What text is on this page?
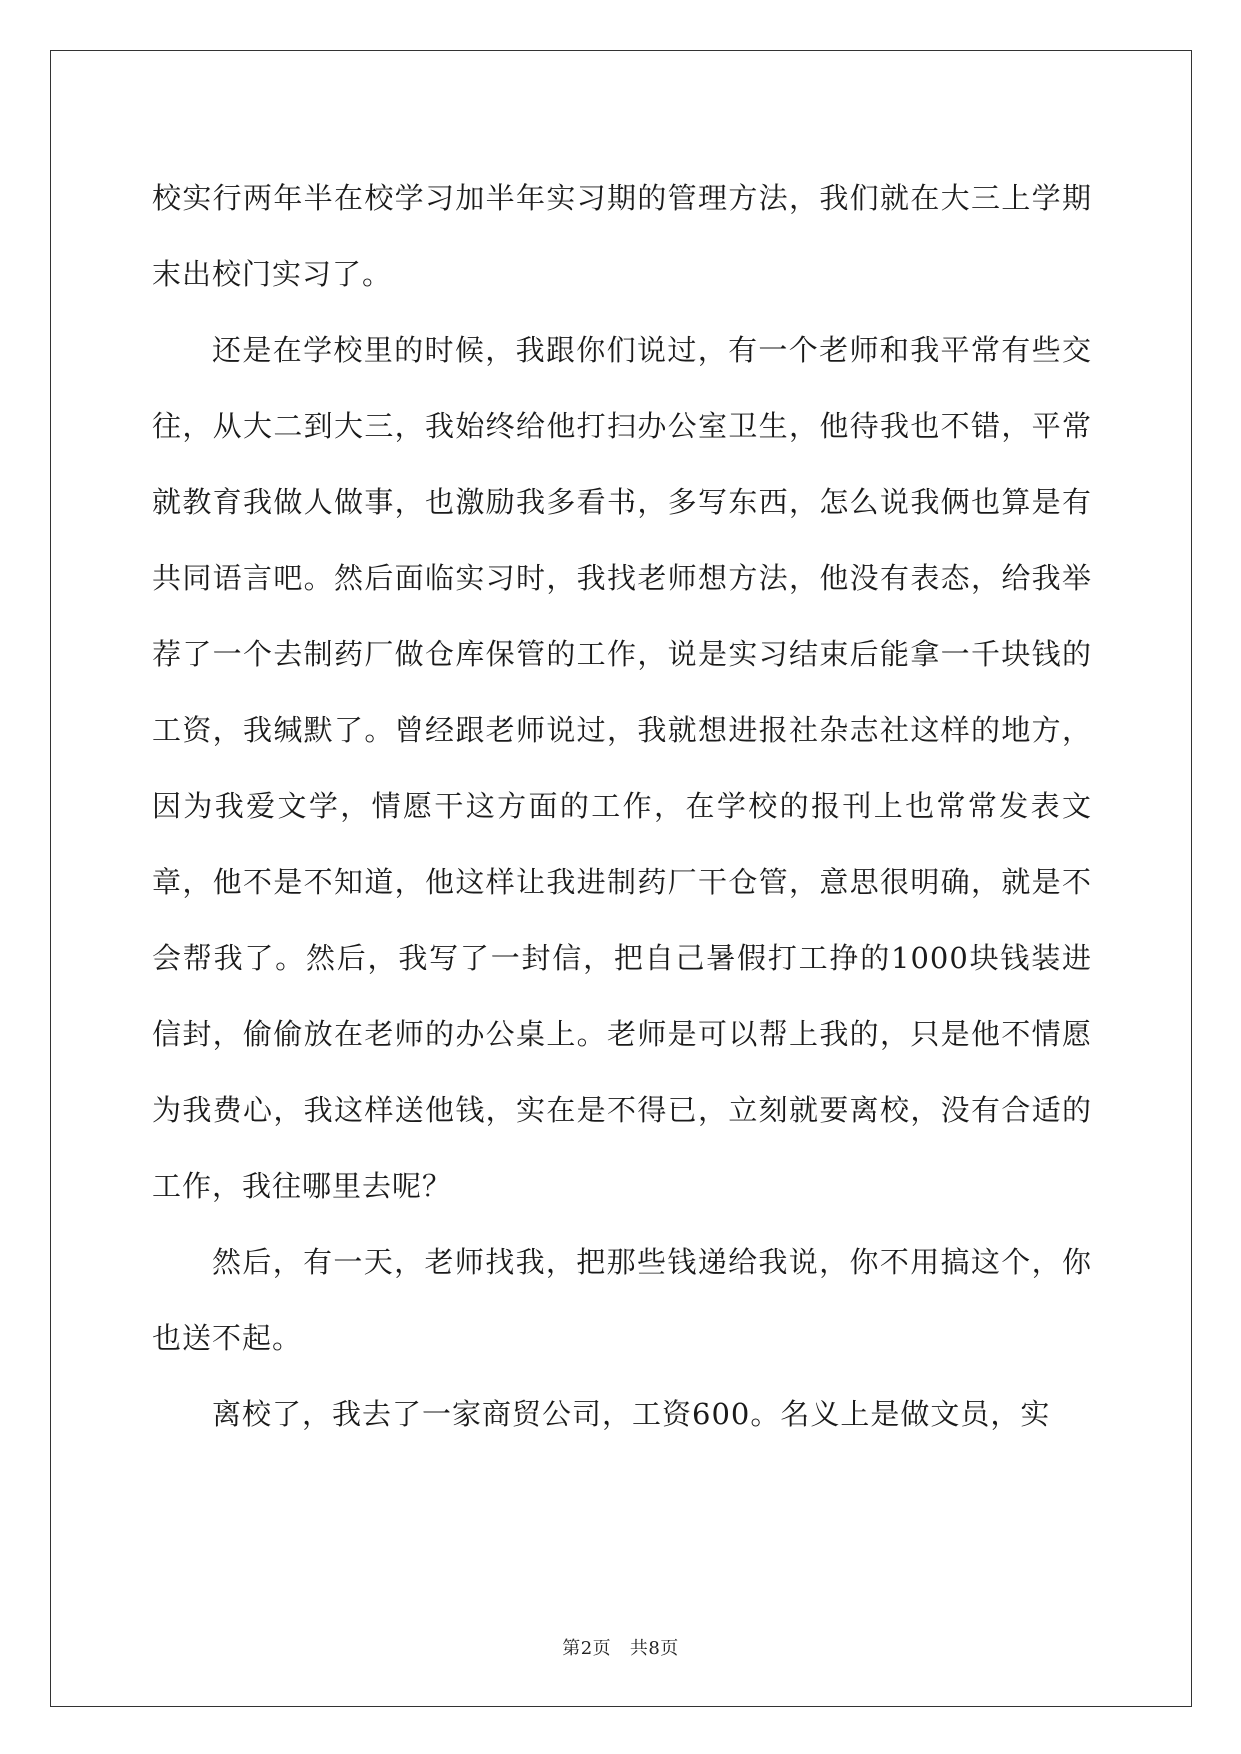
校实行两年半在校学习加半年实习期的管理方法，我们就在大三上学期末出校门实习了。

还是在学校里的时候，我跟你们说过，有一个老师和我平常有些交往，从大二到大三，我始终给他打扫办公室卫生，他待我也不错，平常就教育我做人做事，也激励我多看书，多写东西，怎么说我俩也算是有共同语言吧。然后面临实习时，我找老师想方法，他没有表态，给我举荐了一个去制药厂做仓库保管的工作，说是实习结束后能拿一千块钱的工资，我缄默了。曾经跟老师说过，我就想进报社杂志社这样的地方，因为我爱文学，情愿干这方面的工作，在学校的报刊上也常常发表文章，他不是不知道，他这样让我进制药厂干仓管，意思很明确，就是不会帮我了。然后，我写了一封信，把自己暑假打工挣的1000块钱装进信封，偷偷放在老师的办公桌上。老师是可以帮上我的，只是他不情愿为我费心，我这样送他钱，实在是不得已，立刻就要离校，没有合适的工作，我往哪里去呢？

然后，有一天，老师找我，把那些钱递给我说，你不用搞这个，你也送不起。

离校了，我去了一家商贸公司，工资600。名义上是做文员，实

第2页 共8页
